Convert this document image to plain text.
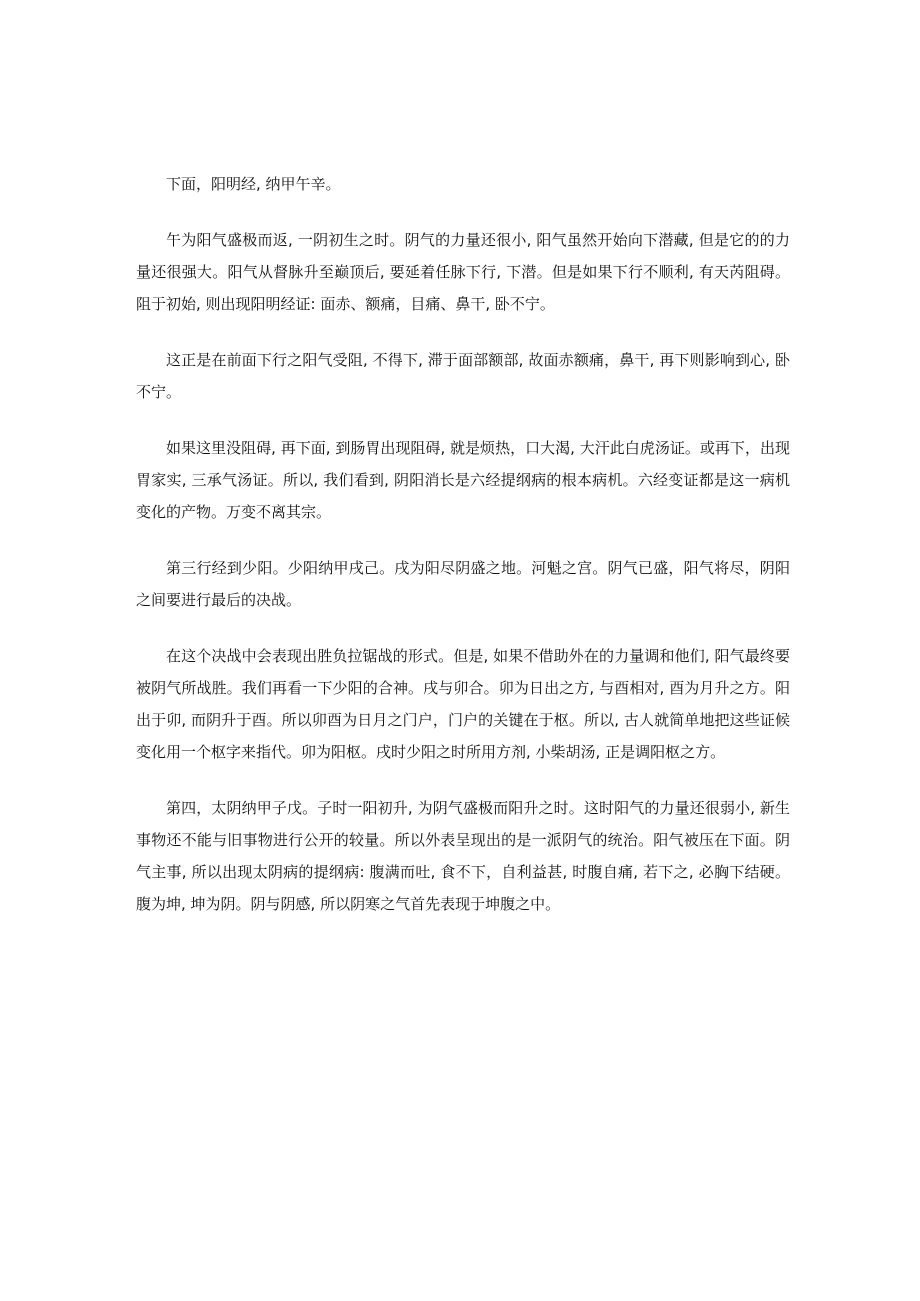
下面，阳明经, 纳甲午辛。

午为阳气盛极而返, 一阴初生之时。阴气的力量还很小, 阳气虽然开始向下潜藏, 但是它的的力量还很强大。阳气从督脉升至巅顶后, 要延着任脉下行, 下潜。但是如果下行不顺利, 有天芮阻碍。阻于初始, 则出现阳明经证: 面赤、额痛，目痛、鼻干, 卧不宁。

这正是在前面下行之阳气受阻, 不得下, 滞于面部额部, 故面赤额痛，鼻干, 再下则影响到心, 卧不宁。

如果这里没阻碍, 再下面, 到肠胃出现阻碍, 就是烦热，口大渴, 大汗此白虎汤证。或再下，出现胃家实, 三承气汤证。所以, 我们看到, 阴阳消长是六经提纲病的根本病机。六经变证都是这一病机变化的产物。万变不离其宗。

第三行经到少阳。少阳纳甲戌己。戌为阳尽阴盛之地。河魁之宫。阴气已盛，阳气将尽，阴阳之间要进行最后的决战。

在这个决战中会表现出胜负拉锯战的形式。但是, 如果不借助外在的力量调和他们, 阳气最终要被阴气所战胜。我们再看一下少阳的合神。戌与卯合。卯为日出之方, 与酉相对, 酉为月升之方。阳出于卯, 而阴升于酉。所以卯酉为日月之门户，门户的关键在于枢。所以, 古人就简单地把这些证候变化用一个枢字来指代。卯为阳枢。戌时少阳之时所用方剂, 小柴胡汤, 正是调阳枢之方。

第四，太阴纳甲子戊。子时一阳初升, 为阴气盛极而阳升之时。这时阳气的力量还很弱小, 新生事物还不能与旧事物进行公开的较量。所以外表呈现出的是一派阴气的统治。阳气被压在下面。阴气主事, 所以出现太阴病的提纲病: 腹满而吐, 食不下，自利益甚, 时腹自痛, 若下之, 必胸下结硬。腹为坤, 坤为阴。阴与阴感, 所以阴寒之气首先表现于坤腹之中。
